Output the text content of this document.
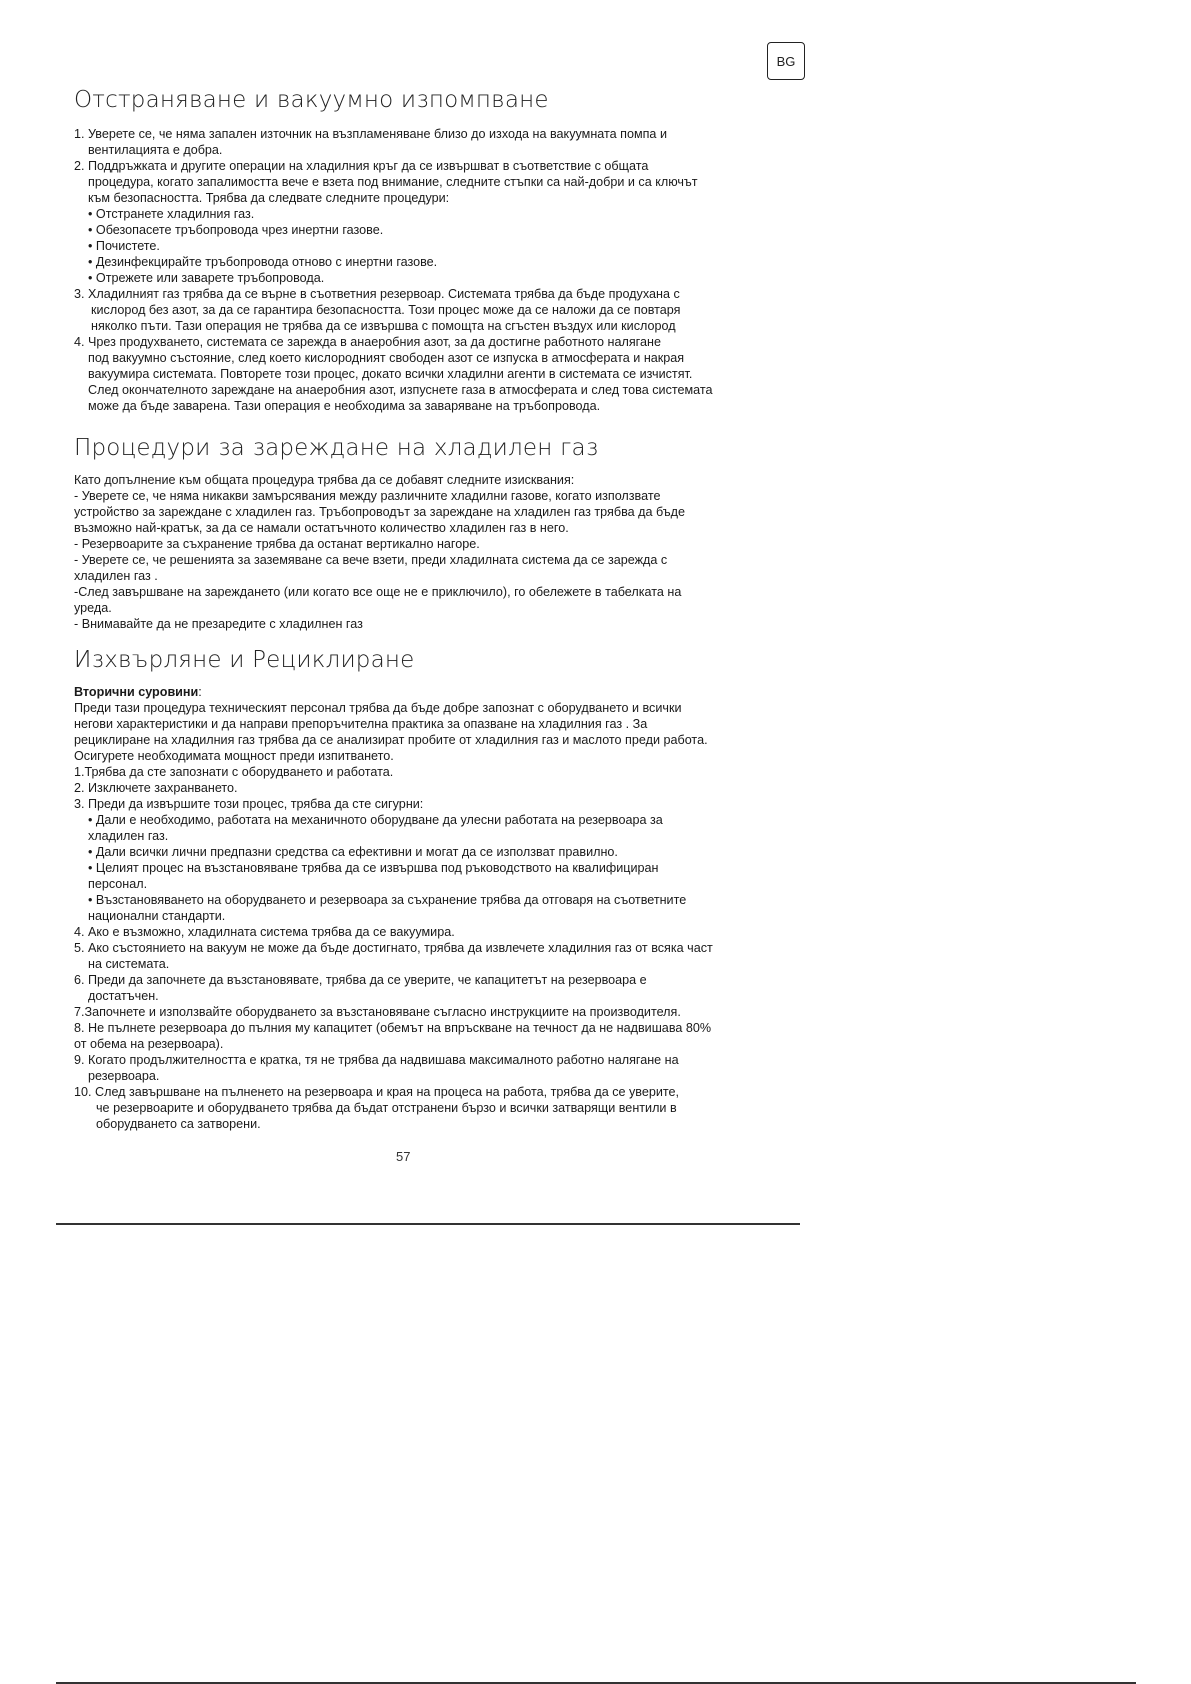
BG
Отстраняване и вакуумно изпомпване
1. Уверете се, че няма запален източник на възпламеняване близо до изхода на вакуумната помпа и
вентилацията е добра.
2. Поддръжката и другите операции на хладилния кръг да се извършват в съответствие с общата
процедура, когато запалимостта вече е взета под внимание, следните стъпки са най-добри и са ключът
към безопасността. Трябва да следвате следните процедури:
• Отстранете хладилния газ.
• Обезопасете тръбопровода чрез инертни газове.
• Почистете.
• Дезинфекцирайте тръбопровода отново с инертни газове.
• Отрежете или заварете тръбопровода.
3. Хладилният газ трябва да се върне в съответния резервоар. Системата трябва да бъде продухана с
кислород без азот, за да се гарантира безопасността. Този процес може да се наложи да се повтаря
няколко пъти. Тази операция не трябва да се извършва с помощта на сгъстен въздух или кислород
4. Чрез продухването, системата се зарежда в анаеробния азот, за да достигне работното налягане
под вакуумно състояние, след което кислородният свободен азот се изпуска в атмосферата и накрая
вакуумира системата. Повторете този процес, докато всички хладилни агенти в системата се изчистят.
След окончателното зареждане на анаеробния азот, изпуснете газа в атмосферата и след това системата
може да бъде заварена. Тази операция е необходима за заваряване на тръбопровода.
Процедури за зареждане на хладилен газ
Като допълнение към общата процедура трябва да се добавят следните изисквания:
- Уверете се, че няма никакви замърсявания между различните хладилни газове, когато използвате
устройство за зареждане с хладилен газ. Тръбопроводът за зареждане на хладилен газ трябва да бъде
възможно най-кратък, за да се намали остатъчното количество хладилен газ в него.
- Резервоарите за съхранение трябва да останат вертикално нагоре.
- Уверете се, че решенията за заземяване са вече взети, преди хладилната система да се зарежда с
хладилен газ .
-След завършване на зареждането (или когато все още не е приключило), го обележете в табелката на
уреда.
- Внимавайте да не презаредите с хладилнен газ
Изхвърляне и Рециклиране
Вторични суровини:
Преди тази процедура техническият персонал трябва да бъде добре запознат с оборудването и всички
негови характеристики и да направи препоръчителна практика за опазване на хладилния газ . За
рециклиране на хладилния газ трябва да се анализират пробите от хладилния газ и маслото преди работа.
Осигурете необходимата мощност преди изпитването.
1.Трябва да сте запознати с оборудването и работата.
2. Изключете захранването.
3. Преди да извършите този процес, трябва да сте сигурни:
• Дали е необходимо, работата на механичното оборудване да улесни работата на резервоара за
хладилен газ.
• Дали всички лични предпазни средства са ефективни и могат да се използват правилно.
• Целият процес на възстановяване трябва да се извършва под ръководството на квалифициран
персонал.
• Възстановяването на оборудването и резервоара за съхранение трябва да отговаря на съответните
национални стандарти.
4. Ако е възможно, хладилната система трябва да се вакуумира.
5. Ако състоянието на вакуум не може да бъде достигнато, трябва да извлечете хладилния газ от всяка част
на системата.
6. Преди да започнете да възстановявате, трябва да се уверите, че капацитетът на резервоара е
достатъчен.
7.Започнете и използвайте оборудването за възстановяване съгласно инструкциите на производителя.
8. Не пълнете резервоара до пълния му капацитет (обемът на впръскване на течност да не надвишава 80%
от обема на резервоара).
9. Когато продължителността е кратка, тя не трябва да надвишава максималното работно налягане на
резервоара.
10. След завършване на пълненето на резервоара и края на процеса на работа, трябва да се уверите,
че резервоарите и оборудването трябва да бъдат отстранени бързо и всички затварящи вентили в
оборудването са затворени.
57
